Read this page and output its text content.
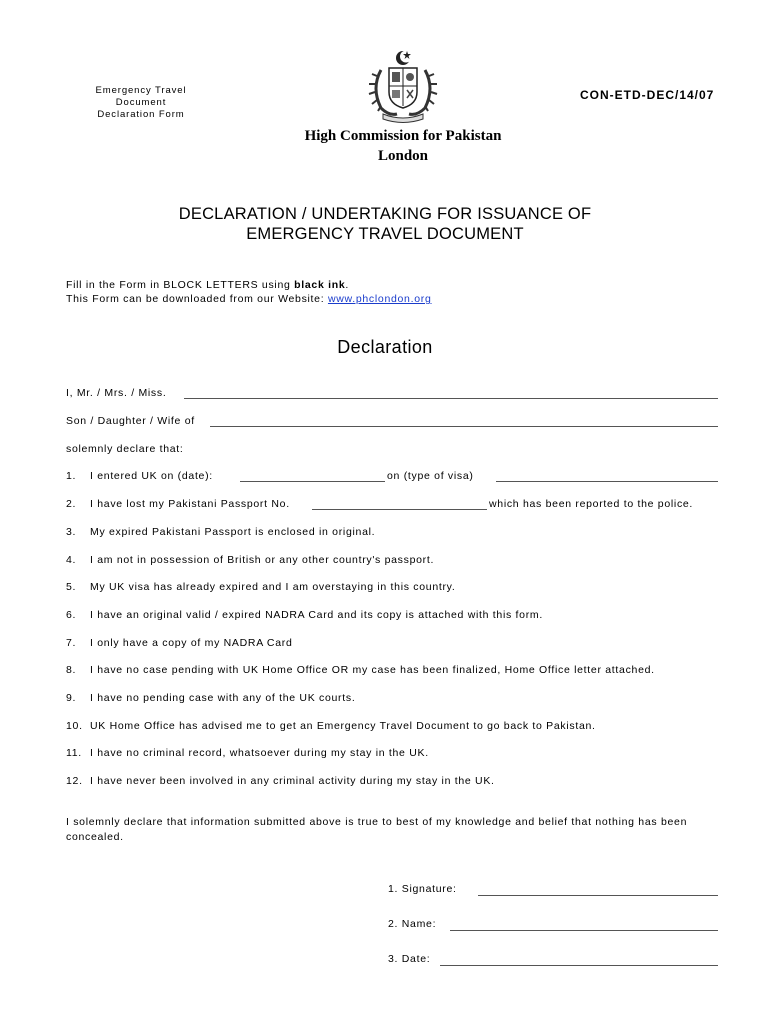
Emergency Travel
Document
Declaration Form
CON-ETD-DEC/14/07
High Commission for Pakistan
London
DECLARATION / UNDERTAKING FOR ISSUANCE OF
EMERGENCY TRAVEL DOCUMENT
Fill in the Form in BLOCK LETTERS using black ink.
This Form can be downloaded from our Website: www.phclondon.org
Declaration
I, Mr. / Mrs. / Miss.
Son / Daughter / Wife of
solemnly declare that:
1. I entered UK on (date):	on (type of visa)
2. I have lost my Pakistani Passport No.	which has been reported to the police.
3. My expired Pakistani Passport is enclosed in original.
4. I am not in possession of British or any other country's passport.
5. My UK visa has already expired and I am overstaying in this country.
6. I have an original valid / expired NADRA Card and its copy is attached with this form.
7. I only have a copy of my NADRA Card
8. I have no case pending with UK Home Office OR my case has been finalized, Home Office letter attached.
9. I have no pending case with any of the UK courts.
10. UK Home Office has advised me to get an Emergency Travel Document to go back to Pakistan.
11. I have no criminal record, whatsoever during my stay in the UK.
12. I have never been involved in any criminal activity during my stay in the UK.
I solemnly declare that information submitted above is true to best of my knowledge and belief that nothing has been concealed.
1. Signature:
2. Name:
3. Date:
